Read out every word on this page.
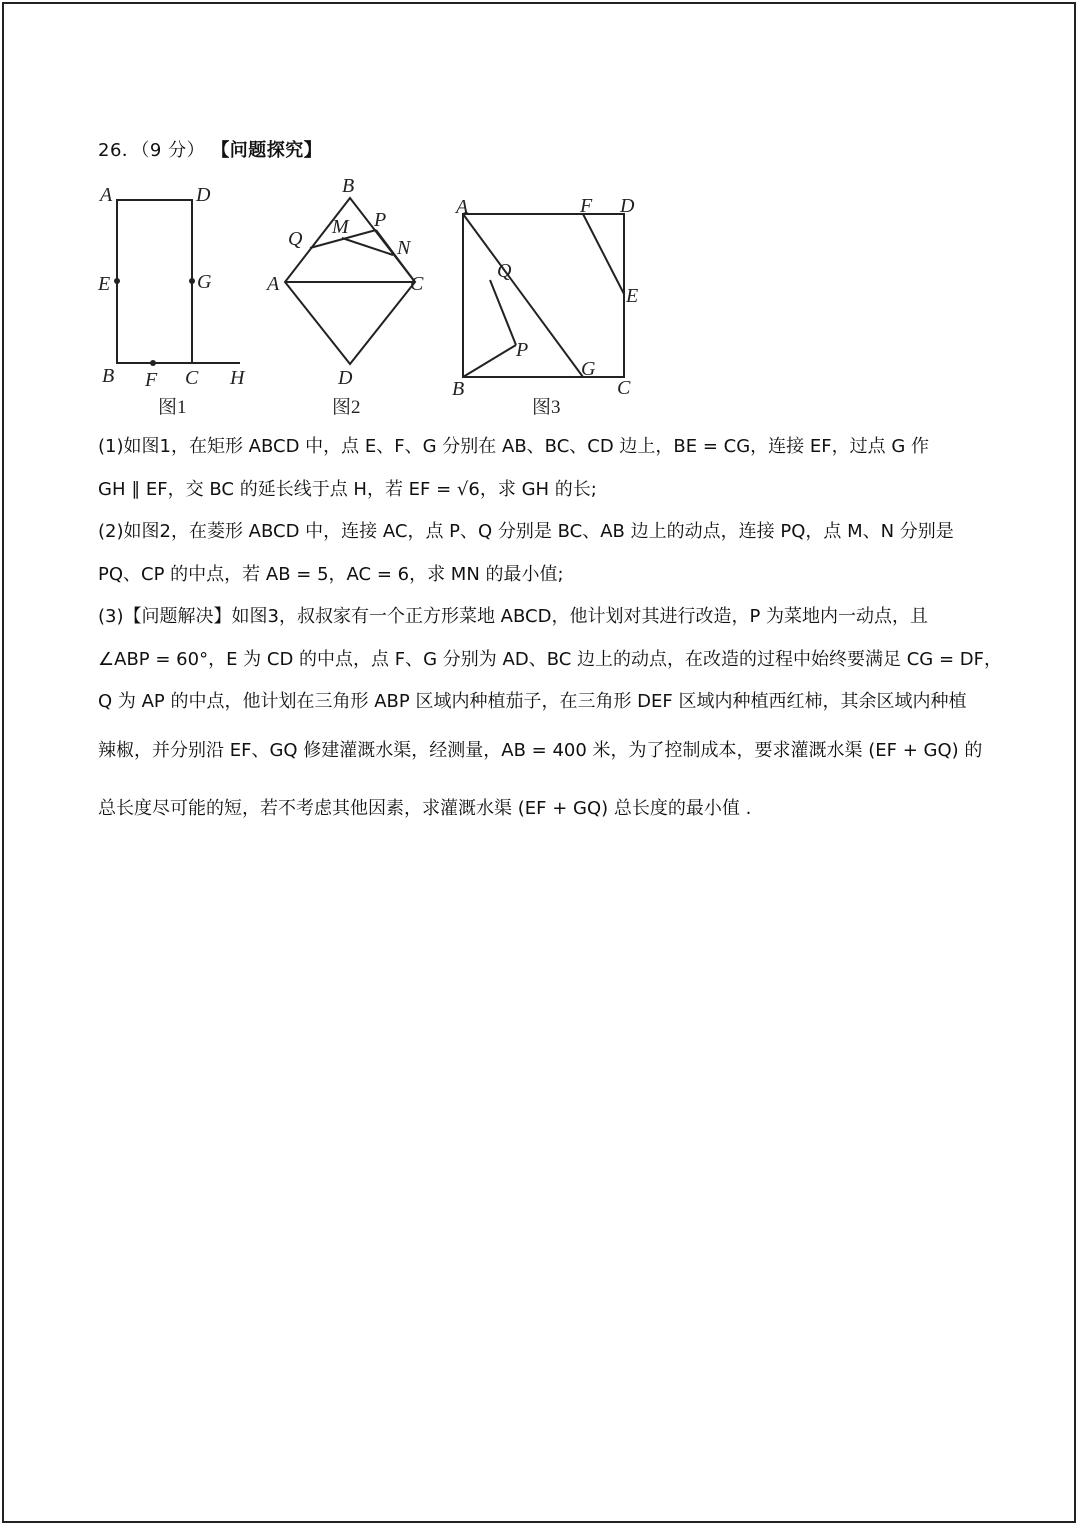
26．（9 分） 【问题探究】
A	D
E	G
B F C H
图1
B
M P
Q	N
A	C
D
图2
A	F D
Q
E
P
G
B	C
图3
(1)如图1，在矩形 ABCD 中，点 E、F、G 分别在 AB、BC、CD 边上，BE = CG，连接 EF，过点 G 作
GH ∥ EF，交 BC 的延长线于点 H，若 EF = √6，求 GH 的长;
(2)如图2，在菱形 ABCD 中，连接 AC，点 P、Q 分别是 BC、AB 边上的动点，连接 PQ，点 M、N 分别是
PQ、CP 的中点，若 AB = 5，AC = 6，求 MN 的最小值;
(3)【问题解决】如图3，叔叔家有一个正方形菜地 ABCD，他计划对其进行改造，P 为菜地内一动点，且
∠ABP = 60°，E 为 CD 的中点，点 F、G 分别为 AD、BC 边上的动点，在改造的过程中始终要满足 CG = DF，
Q 为 AP 的中点，他计划在三角形 ABP 区域内种植茄子，在三角形 DEF 区域内种植西红柿，其余区域内种植
辣椒，并分别沿 EF、GQ 修建灌溉水渠，经测量，AB = 400 米，为了控制成本，要求灌溉水渠 (EF + GQ) 的
总长度尽可能的短，若不考虑其他因素，求灌溉水渠 (EF + GQ) 总长度的最小值 .
